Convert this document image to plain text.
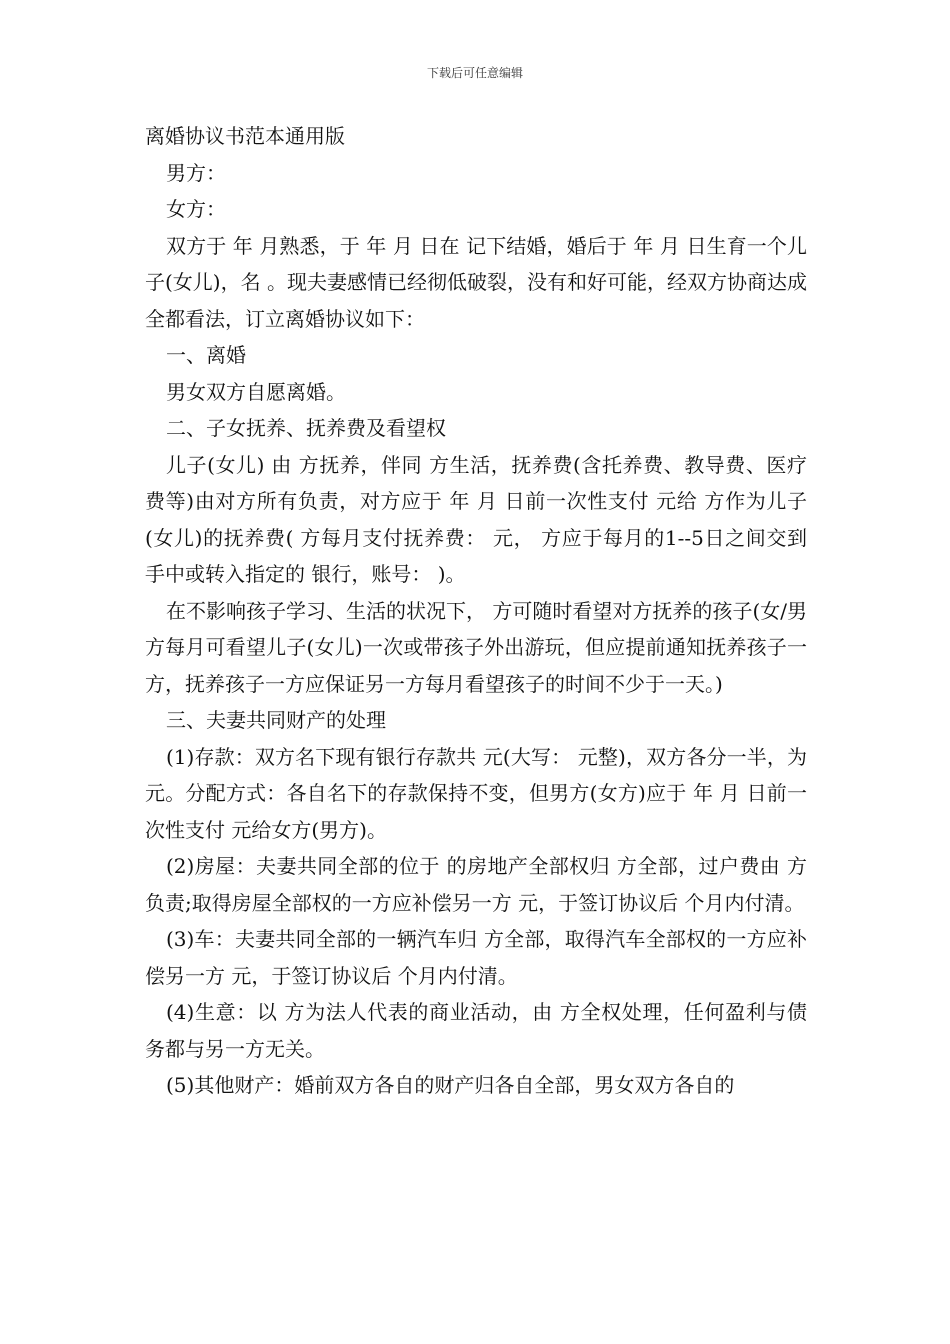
下载后可任意编辑

离婚协议书范本通用版

男方：

女方：

双方于 年 月熟悉，于 年 月 日在 记下结婚，婚后于 年 月 日生育一个儿子(女儿)，名 。现夫妻感情已经彻低破裂，没有和好可能，经双方协商达成全都看法，订立离婚协议如下：

一、离婚

男女双方自愿离婚。

二、子女抚养、抚养费及看望权

儿子(女儿) 由 方抚养，伴同 方生活，抚养费(含托养费、教导费、医疗费等)由对方所有负责，对方应于 年 月 日前一次性支付 元给 方作为儿子(女儿)的抚养费( 方每月支付抚养费： 元， 方应于每月的1--5日之间交到 手中或转入指定的 银行，账号： )。

在不影响孩子学习、生活的状况下， 方可随时看望对方抚养的孩子(女/男方每月可看望儿子(女儿)一次或带孩子外出游玩，但应提前通知抚养孩子一方，抚养孩子一方应保证另一方每月看望孩子的时间不少于一天。)

三、夫妻共同财产的处理

(1)存款：双方名下现有银行存款共 元(大写： 元整)，双方各分一半，为 元。分配方式：各自名下的存款保持不变，但男方(女方)应于 年 月 日前一次性支付 元给女方(男方)。

(2)房屋：夫妻共同全部的位于 的房地产全部权归 方全部，过户费由 方负责;取得房屋全部权的一方应补偿另一方 元，于签订协议后 个月内付清。

(3)车：夫妻共同全部的一辆汽车归 方全部，取得汽车全部权的一方应补偿另一方 元，于签订协议后 个月内付清。

(4)生意：以 方为法人代表的商业活动，由 方全权处理，任何盈利与债务都与另一方无关。

(5)其他财产：婚前双方各自的财产归各自全部，男女双方各自的
